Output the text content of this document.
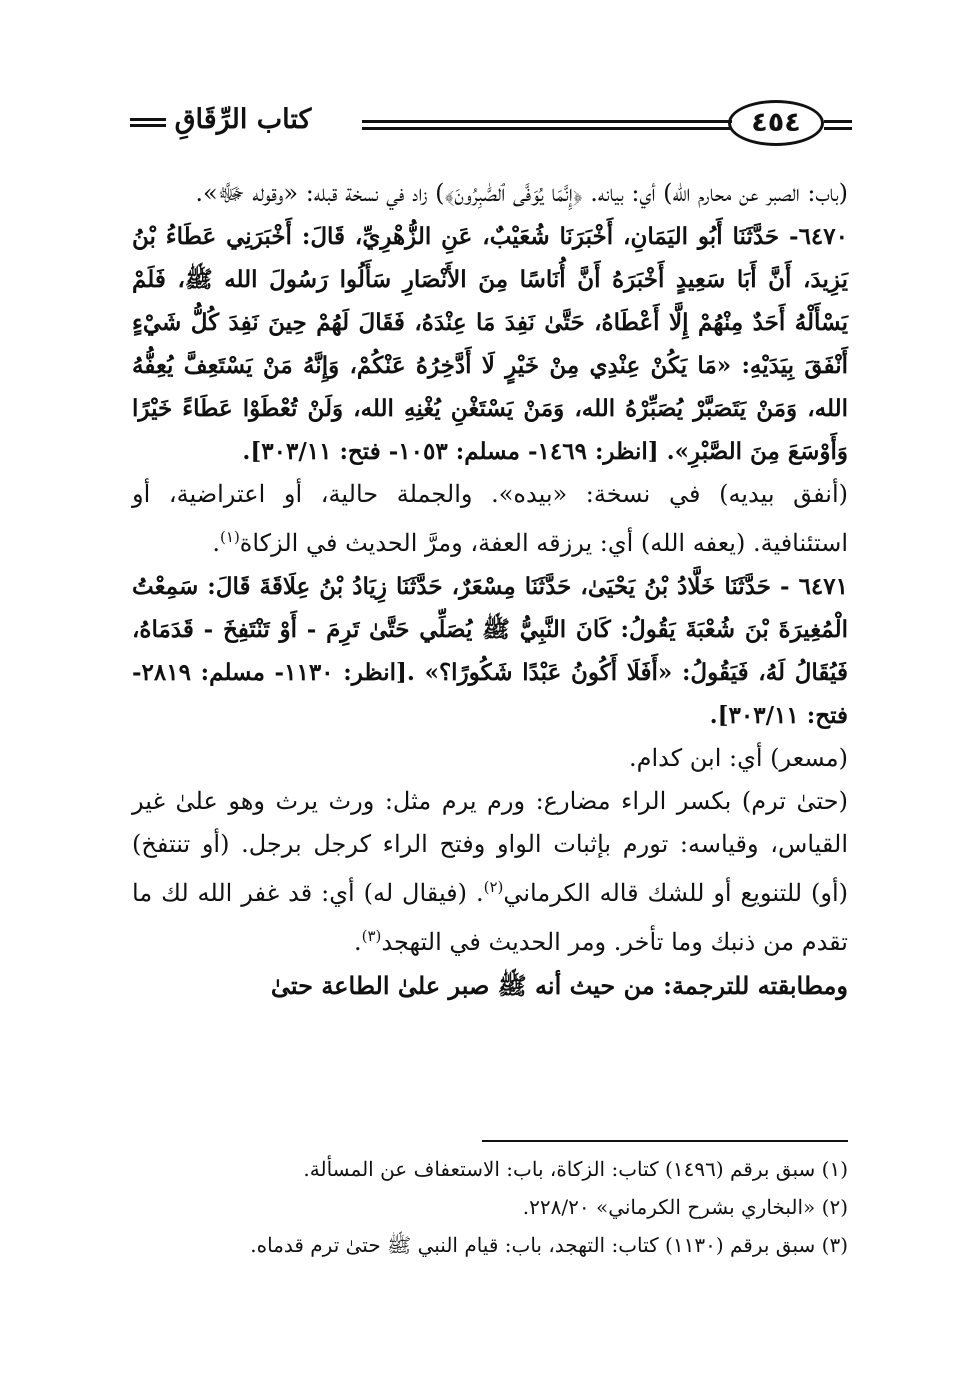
كتاب الرِّقَاقِ	٤٥٤

(باب: الصبر عن محارم الله) أي: بيانه. ﴿إِنَّمَا يُوَفَّى ٱلصَّٰبِرُونَ﴾) زاد في نسخة قبله: «وقوله ﷻ».

٦٤٧٠- حَدَّثَنَا أَبُو اليَمَانِ، أَخْبَرَنَا شُعَيْبٌ، عَنِ الزُّهْرِيِّ، قَالَ: أَخْبَرَنِي عَطَاءُ بْنُ يَزِيدَ، أَنَّ أَبَا سَعِيدٍ أَخْبَرَهُ أَنَّ أُنَاسًا مِنَ الأَنْصَارِ سَأَلُوا رَسُولَ الله ﷺ، فَلَمْ يَسْأَلْهُ أَحَدٌ مِنْهُمْ إِلَّا أَعْطَاهُ، حَتَّىٰ نَفِدَ مَا عِنْدَهُ، فَقَالَ لَهُمْ حِينَ نَفِدَ كُلُّ شَيْءٍ أَنْفَقَ بِيَدَيْهِ: «مَا يَكُنْ عِنْدِي مِنْ خَيْرٍ لَا أَدَّخِرُهُ عَنْكُمْ، وَإِنَّهُ مَنْ يَسْتَعِفَّ يُعِفُّهُ الله، وَمَنْ يَتَصَبَّرْ يُصَبِّرْهُ الله، وَمَنْ يَسْتَغْنِ يُغْنِهِ الله، وَلَنْ تُعْطَوْا عَطَاءً خَيْرًا وَأَوْسَعَ مِنَ الصَّبْرِ». [انظر: ١٤٦٩- مسلم: ١٠٥٣- فتح: ٣٠٣/١١].

(أنفق بيديه) في نسخة: «بيده». والجملة حالية، أو اعتراضية، أو استئنافية. (يعفه الله) أي: يرزقه العفة، ومرَّ الحديث في الزكاة$^{(١)}$.

٦٤٧١ - حَدَّثَنَا خَلَّادُ بْنُ يَحْيَىٰ، حَدَّثَنَا مِسْعَرٌ، حَدَّثَنَا زِيَادُ بْنُ عِلَاقَةَ قَالَ: سَمِعْتُ الْمُغِيرَةَ بْنَ شُعْبَةَ يَقُولُ: كَانَ النَّبِيُّ ﷺ يُصَلِّي حَتَّىٰ تَرِمَ - أَوْ تَنْتَفِخَ - قَدَمَاهُ، فَيُقَالُ لَهُ، فَيَقُولُ: «أَفَلَا أَكُونُ عَبْدًا شَكُورًا؟» .[انظر: ١١٣٠- مسلم: ٢٨١٩- فتح: ٣٠٣/١١].

(مسعر) أي: ابن كدام.

(حتىٰ ترم) بكسر الراء مضارع: ورم يرم مثل: ورث يرث وهو علىٰ غير القياس، وقياسه: تورم بإثبات الواو وفتح الراء كرجل برجل. (أو تنتفخ) (أو) للتنويع أو للشك قاله الكرماني$^{(٢)}$. (فيقال له) أي: قد غفر الله لك ما تقدم من ذنبك وما تأخر. ومر الحديث في التهجد$^{(٣)}$.

ومطابقته للترجمة: من حيث أنه ﷺ صبر علىٰ الطاعة حتىٰ

(١) سبق برقم (١٤٩٦) كتاب: الزكاة، باب: الاستعفاف عن المسألة.

(٢) «البخاري بشرح الكرماني» ٢٢٨/٢٠.

(٣) سبق برقم (١١٣٠) كتاب: التهجد، باب: قيام النبي ﷺ حتىٰ ترم قدماه.
